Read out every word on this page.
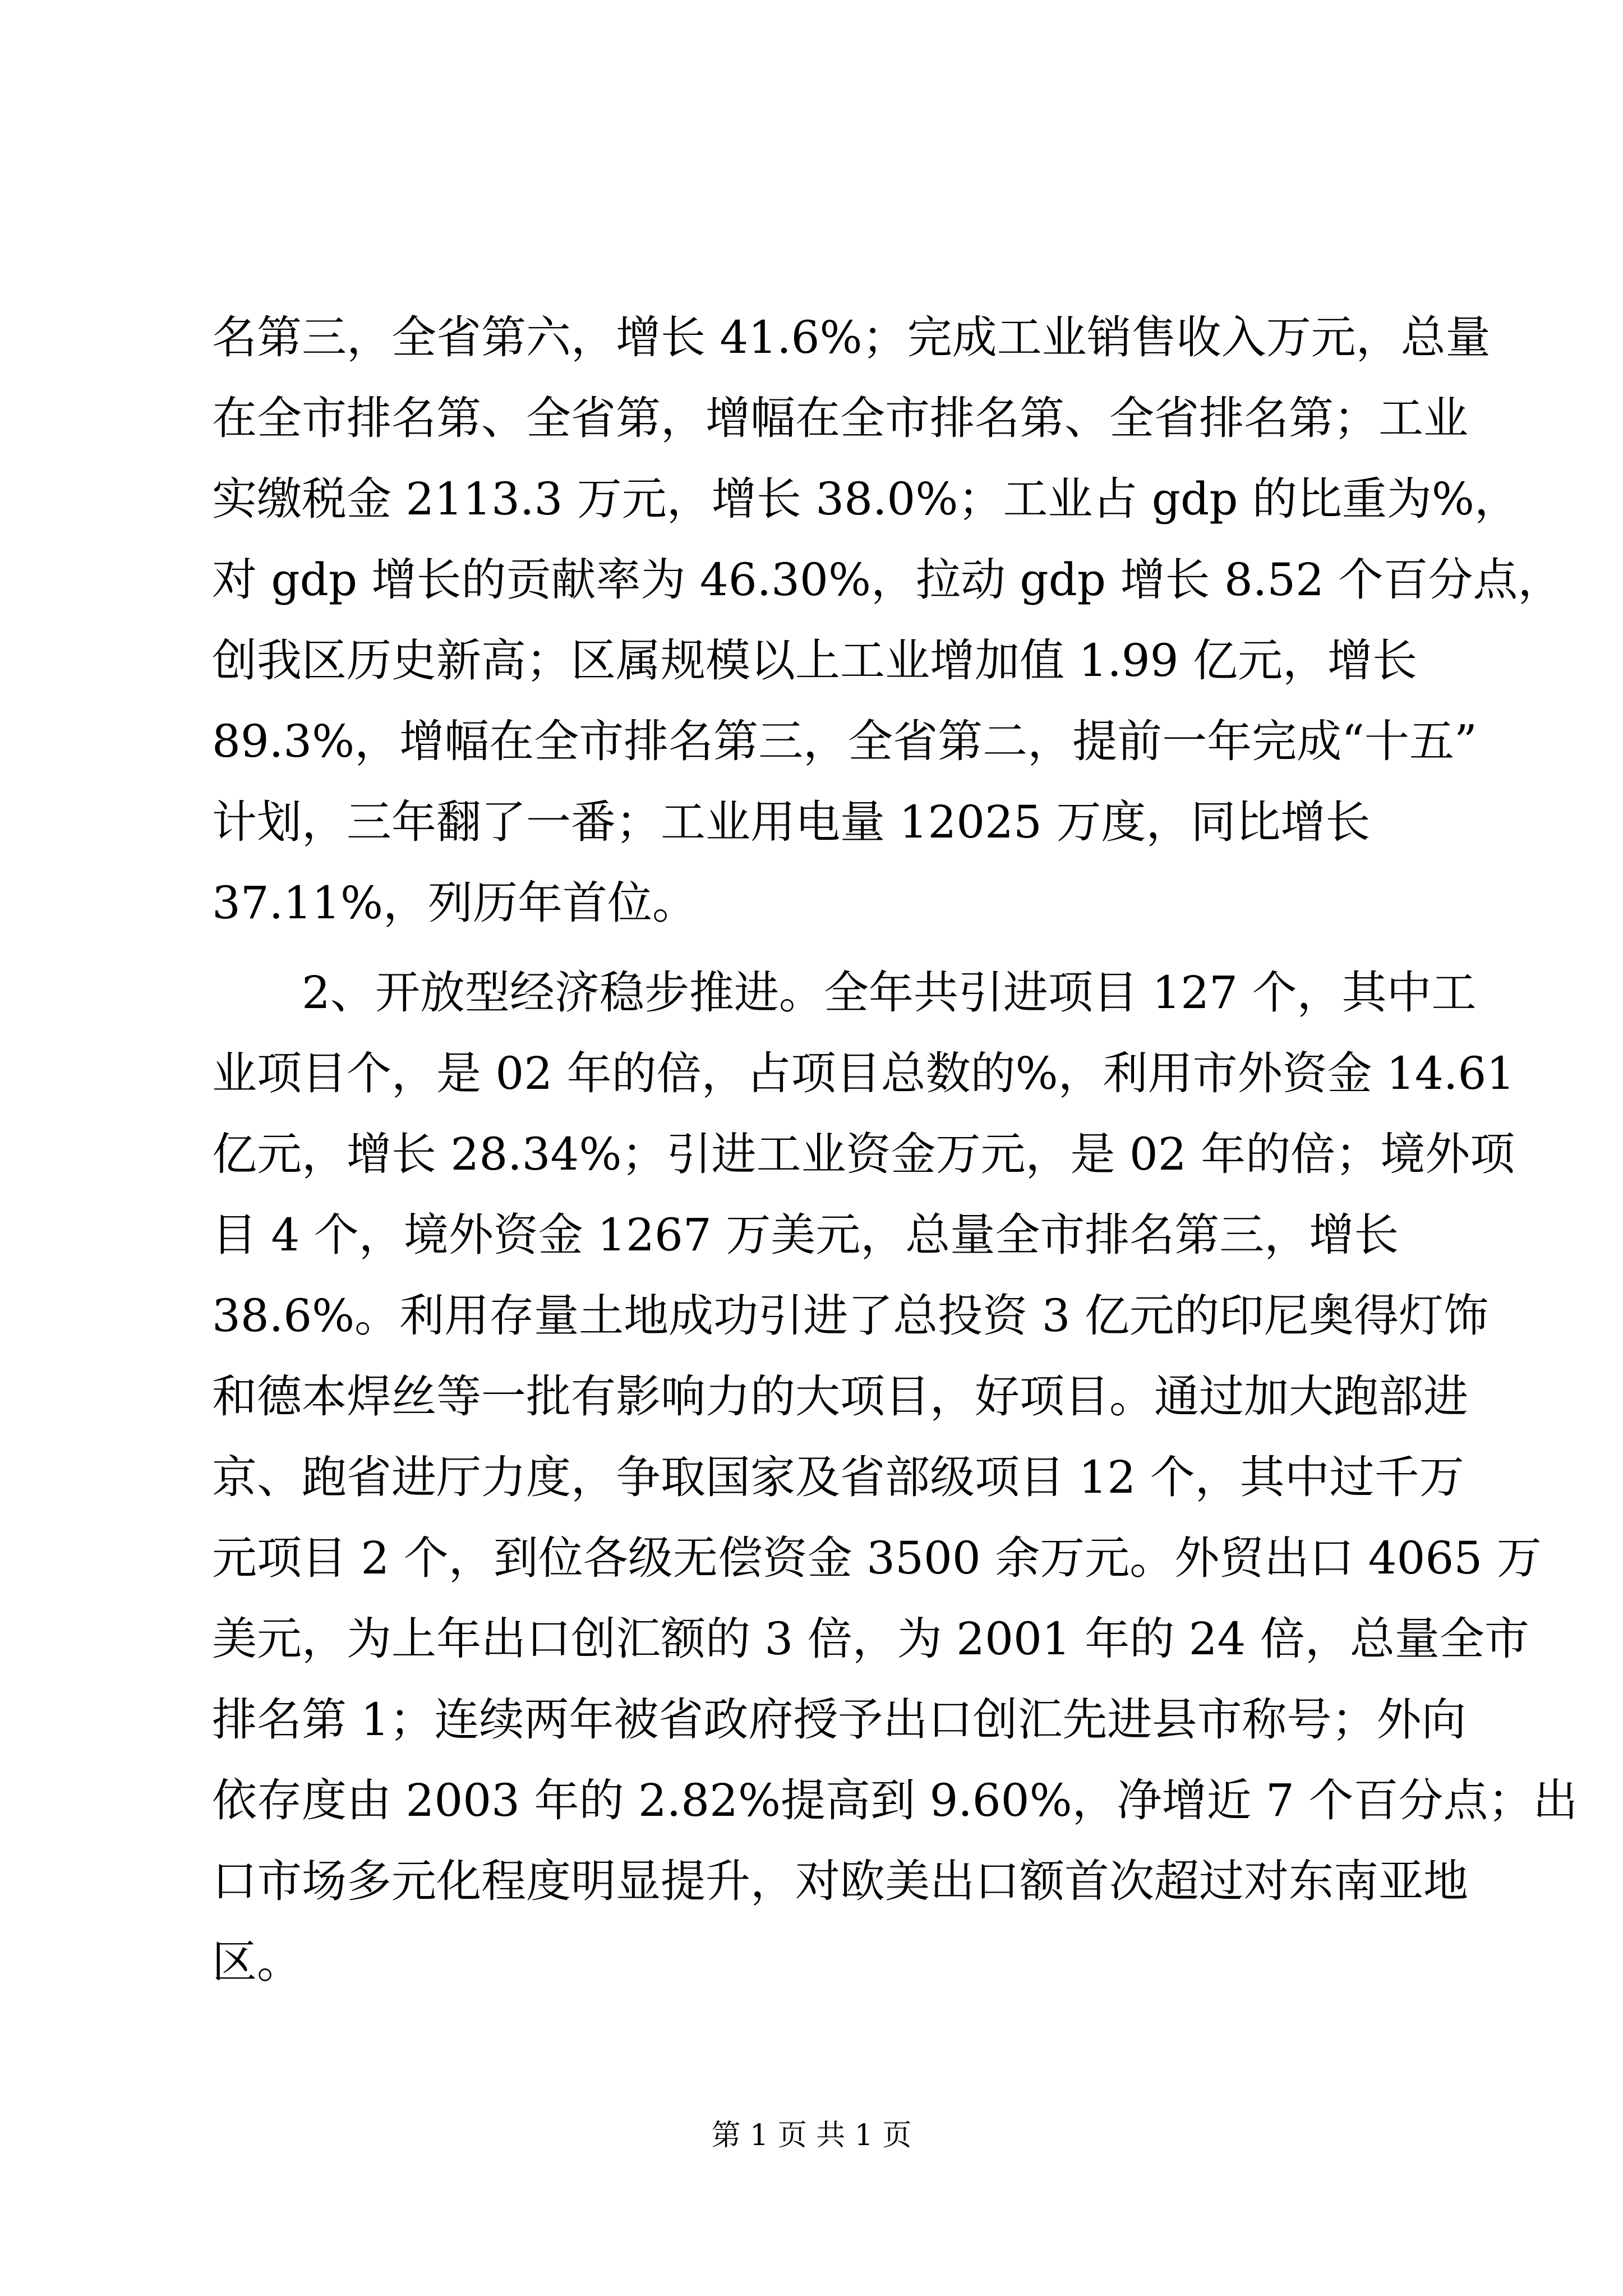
名第三，全省第六，增长 41.6%；完成工业销售收入万元，总量
在全市排名第、全省第，增幅在全市排名第、全省排名第；工业
实缴税金 2113.3 万元，增长 38.0%；工业占 gdp 的比重为%，
对 gdp 增长的贡献率为 46.30%，拉动 gdp 增长 8.52 个百分点，
创我区历史新高；区属规模以上工业增加值 1.99 亿元，增长
89.3%，增幅在全市排名第三，全省第二，提前一年完成“十五”
计划，三年翻了一番；工业用电量 12025 万度，同比增长
37.11%，列历年首位。
　　2、开放型经济稳步推进。全年共引进项目 127 个，其中工
业项目个，是 02 年的倍，占项目总数的%，利用市外资金 14.61
亿元，增长 28.34%；引进工业资金万元，是 02 年的倍；境外项
目 4 个，境外资金 1267 万美元，总量全市排名第三，增长
38.6%。利用存量土地成功引进了总投资 3 亿元的印尼奥得灯饰
和德本焊丝等一批有影响力的大项目，好项目。通过加大跑部进
京、跑省进厅力度，争取国家及省部级项目 12 个，其中过千万
元项目 2 个，到位各级无偿资金 3500 余万元。外贸出口 4065 万
美元，为上年出口创汇额的 3 倍，为 2001 年的 24 倍，总量全市
排名第 1；连续两年被省政府授予出口创汇先进县市称号；外向
依存度由 2003 年的 2.82%提高到 9.60%，净增近 7 个百分点；出
口市场多元化程度明显提升，对欧美出口额首次超过对东南亚地
区。
第 1 页 共 1 页
